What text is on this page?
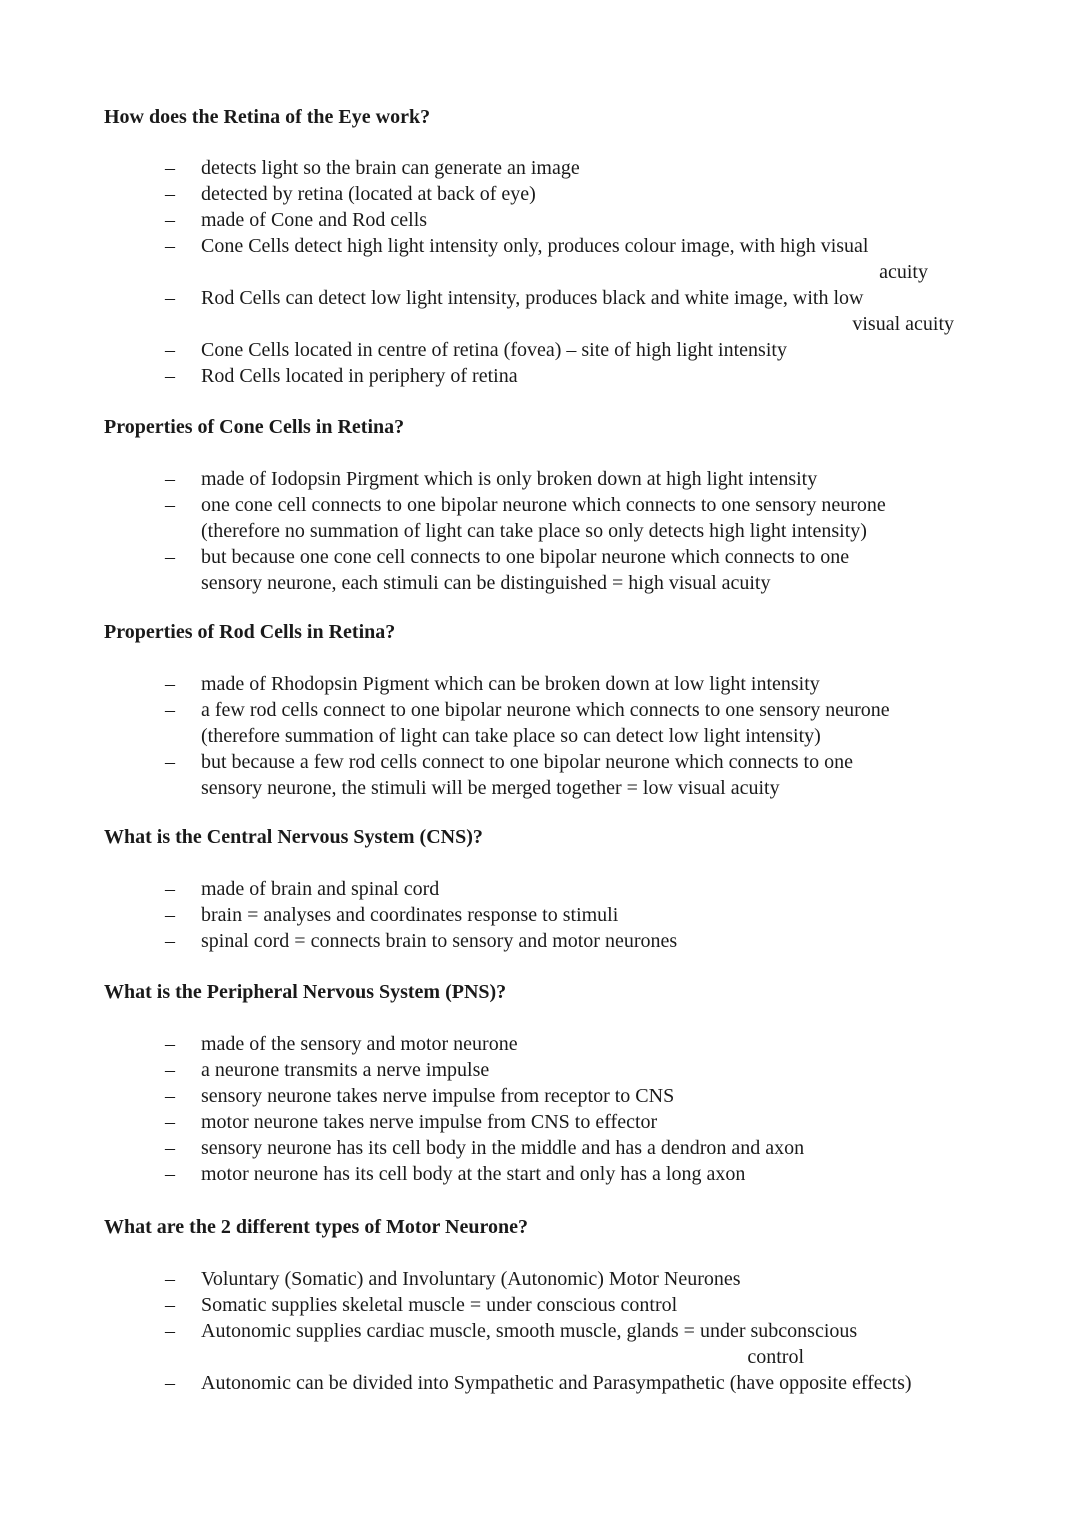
How does the Retina of the Eye work?
– detects light so the brain can generate an image
– detected by retina (located at back of eye)
– made of Cone and Rod cells
– Cone Cells detect high light intensity only, produces colour image, with high visual
acuity
– Rod Cells can detect low light intensity, produces black and white image, with low
visual acuity
– Cone Cells located in centre of retina (fovea) – site of high light intensity
– Rod Cells located in periphery of retina
Properties of Cone Cells in Retina?
– made of Iodopsin Pirgment which is only broken down at high light intensity
– one cone cell connects to one bipolar neurone which connects to one sensory neurone
(therefore no summation of light can take place so only detects high light intensity)
– but because one cone cell connects to one bipolar neurone which connects to one
sensory neurone, each stimuli can be distinguished = high visual acuity
Properties of Rod Cells in Retina?
– made of Rhodopsin Pigment which can be broken down at low light intensity
– a few rod cells connect to one bipolar neurone which connects to one sensory neurone
(therefore summation of light can take place so can detect low light intensity)
– but because a few rod cells connect to one bipolar neurone which connects to one
sensory neurone, the stimuli will be merged together = low visual acuity
What is the Central Nervous System (CNS)?
– made of brain and spinal cord
– brain = analyses and coordinates response to stimuli
– spinal cord = connects brain to sensory and motor neurones
What is the Peripheral Nervous System (PNS)?
– made of the sensory and motor neurone
– a neurone transmits a nerve impulse
– sensory neurone takes nerve impulse from receptor to CNS
– motor neurone takes nerve impulse from CNS to effector
– sensory neurone has its cell body in the middle and has a dendron and axon
– motor neurone has its cell body at the start and only has a long axon
What are the 2 different types of Motor Neurone?
– Voluntary (Somatic) and Involuntary (Autonomic) Motor Neurones
– Somatic supplies skeletal muscle = under conscious control
– Autonomic supplies cardiac muscle, smooth muscle, glands = under subconscious
control
– Autonomic can be divided into Sympathetic and Parasympathetic (have opposite effects)
